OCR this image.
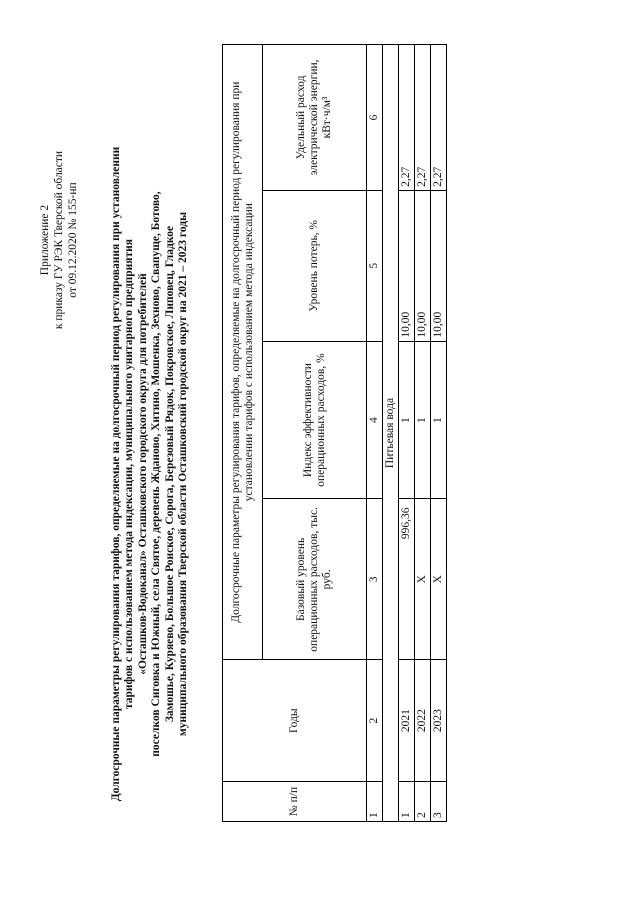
Приложение 2 к приказу ГУ РЭК Тверской области от 09.12.2020 № 155-нп	Долгосрочные параметры регулирования тарифов, определяемые на долгосрочный период регулирования при установлении тарифов с использованием метода индексации, муниципального унитарного предприятия «Осташков-Водоканал» Осташковского городского округа для потребителей поселков Сиговка и Южный, села Святое, деревень Жданово, Хитино, Мошенка, Зехново, Свапуще, Ботово, Замошье, Куряево, Большое Роиское, Сорога, Березовый Рядок, Покровское, Липовец, Гладкое муниципального образования Тверской области Осташковский городской округ на 2021 – 2023 годы
№ п/п	Годы	Долгосрочные параметры регулирования тарифов, определяемые на долгосрочный период регулирования при установлении тарифов с использованием метода индексации			
		Базовый уровень операционных расходов, тыс. руб.	Индекс эффективности операционных расходов, %	Уровень потерь, %	Удельный расход электрической энергии, кВт·ч/м³
1	2	3	4	5	6
Питьевая вода					
1	2021	996,36	1	10,00	2,27
2	2022	X	1	10,00	2,27
3	2023	X	1	10,00	2,27
